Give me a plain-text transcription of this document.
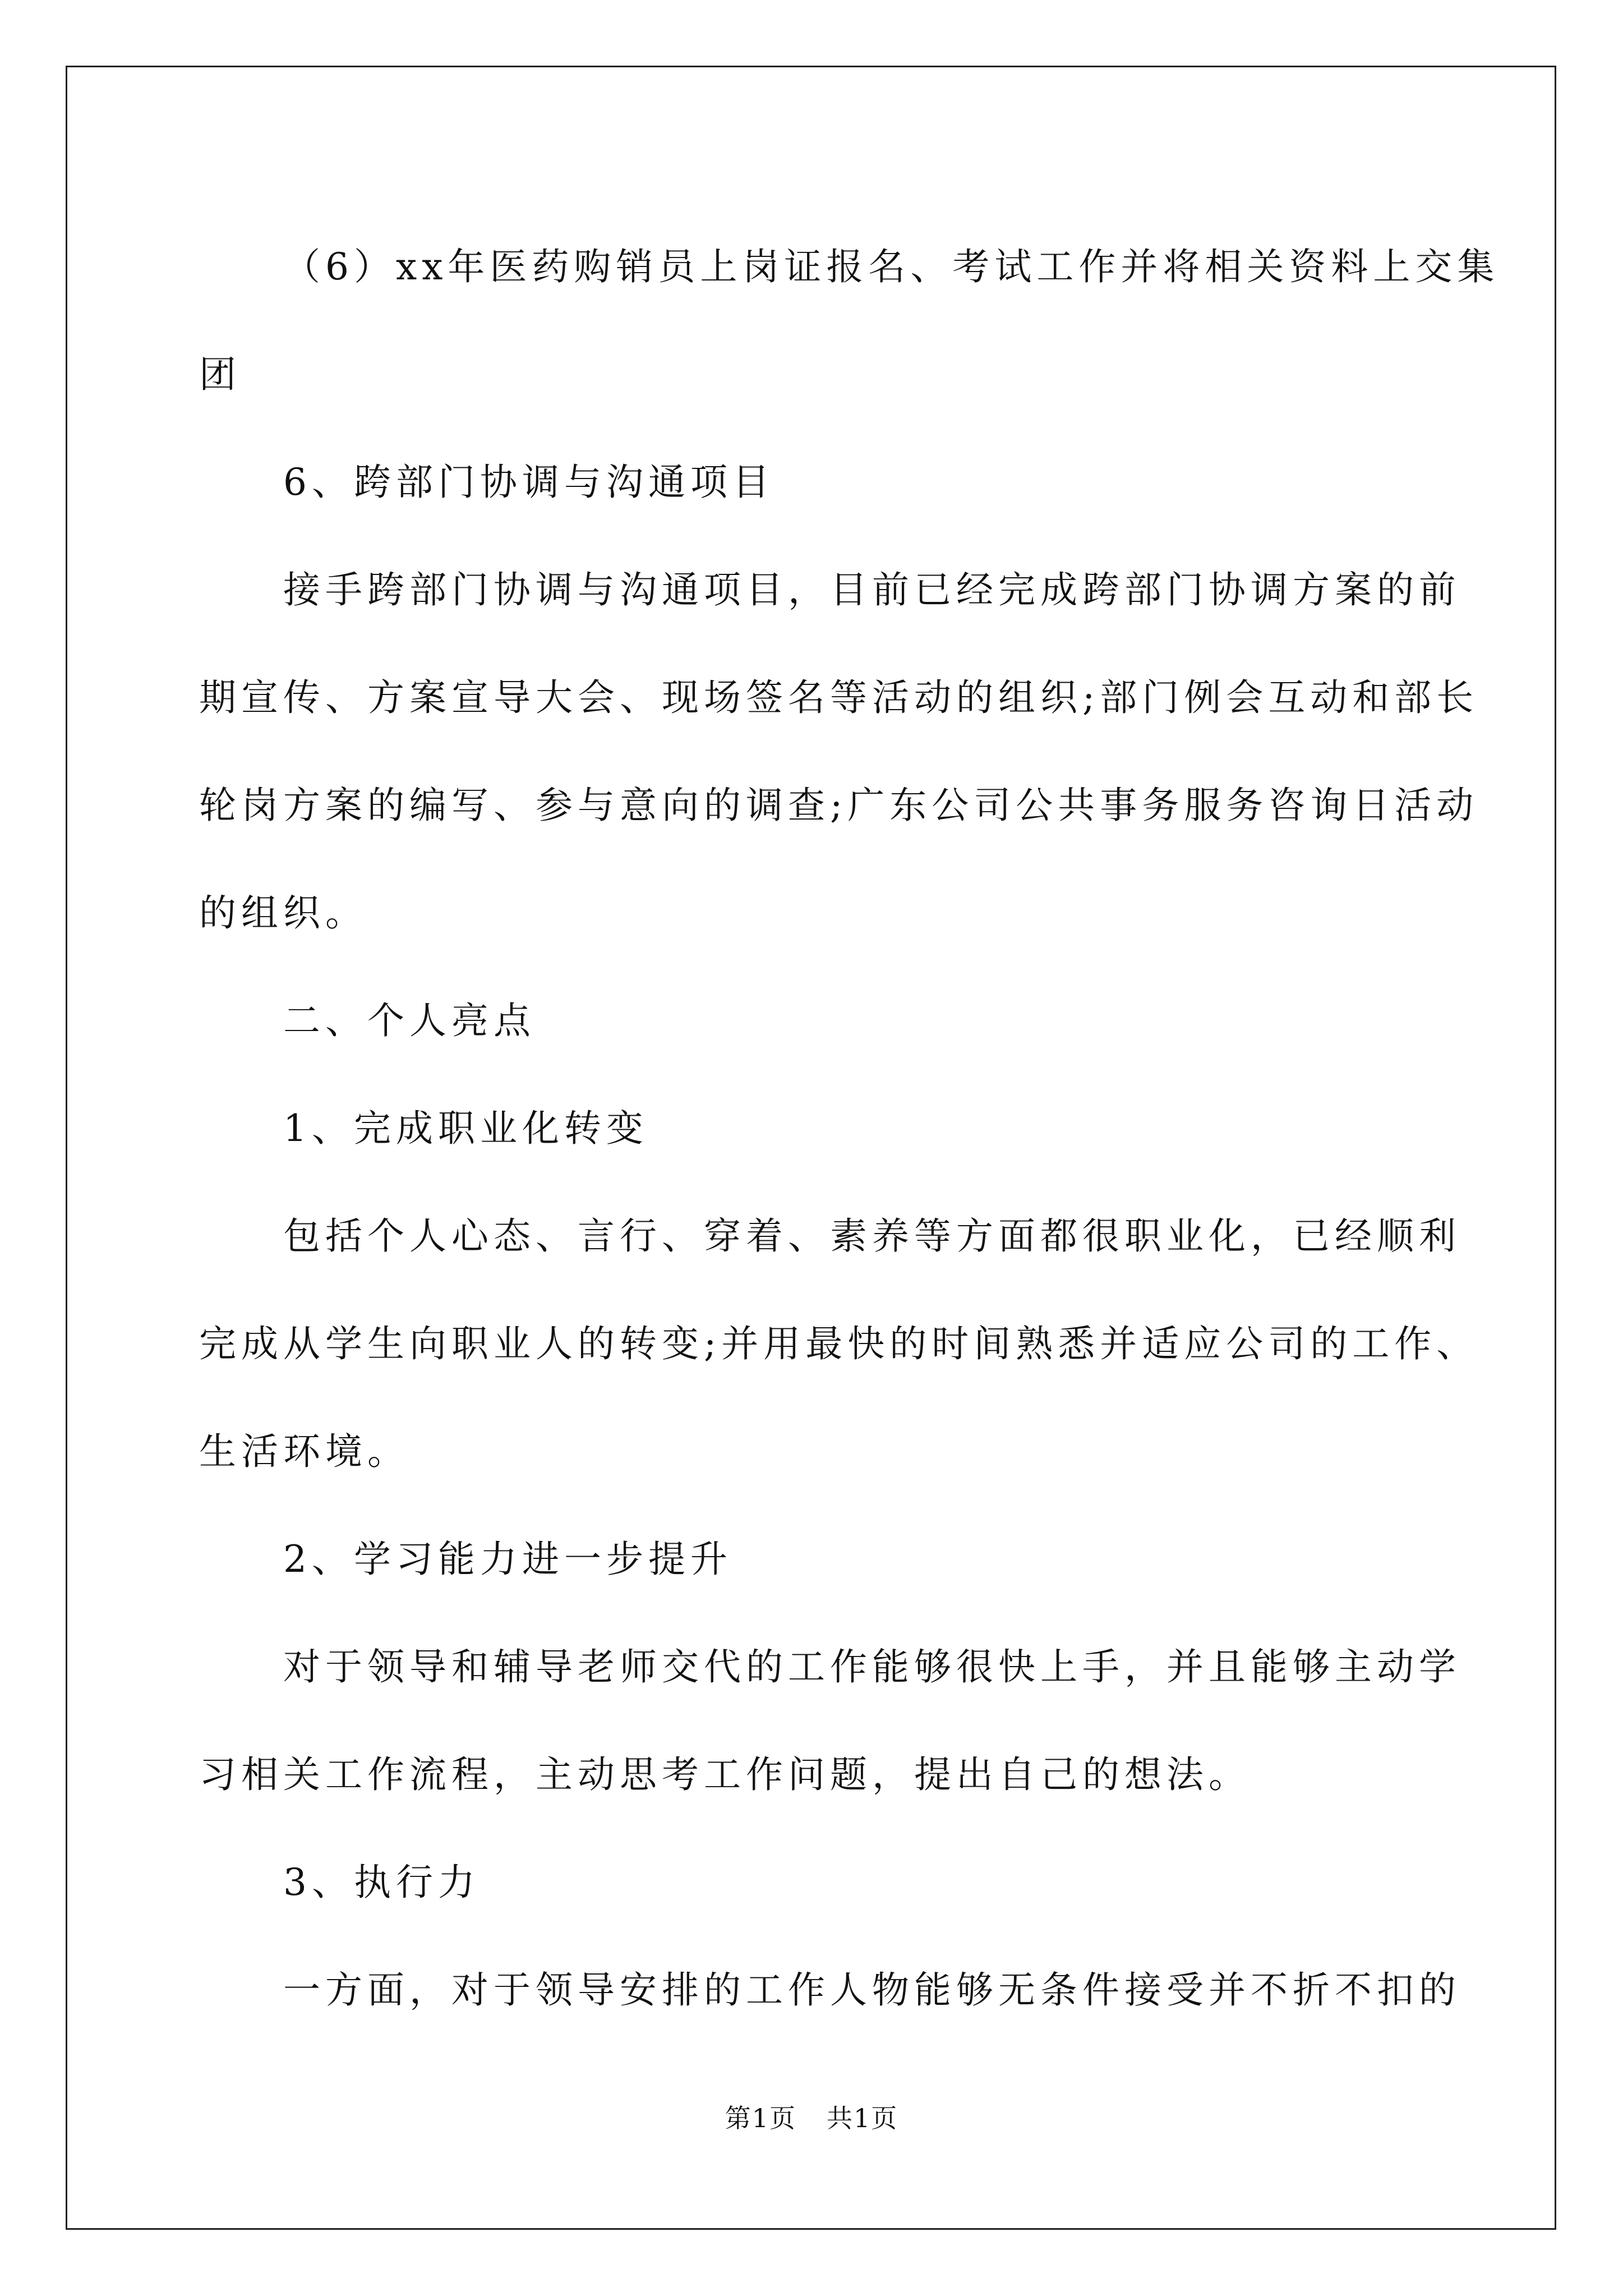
（6）xx年医药购销员上岗证报名、考试工作并将相关资料上交集

团

6、跨部门协调与沟通项目

接手跨部门协调与沟通项目，目前已经完成跨部门协调方案的前

期宣传、方案宣导大会、现场签名等活动的组织;部门例会互动和部长

轮岗方案的编写、参与意向的调查;广东公司公共事务服务咨询日活动

的组织。

二、个人亮点

1、完成职业化转变

包括个人心态、言行、穿着、素养等方面都很职业化，已经顺利

完成从学生向职业人的转变;并用最快的时间熟悉并适应公司的工作、

生活环境。

2、学习能力进一步提升

对于领导和辅导老师交代的工作能够很快上手，并且能够主动学

习相关工作流程，主动思考工作问题，提出自己的想法。

3、执行力

一方面，对于领导安排的工作人物能够无条件接受并不折不扣的

第1页 共1页
